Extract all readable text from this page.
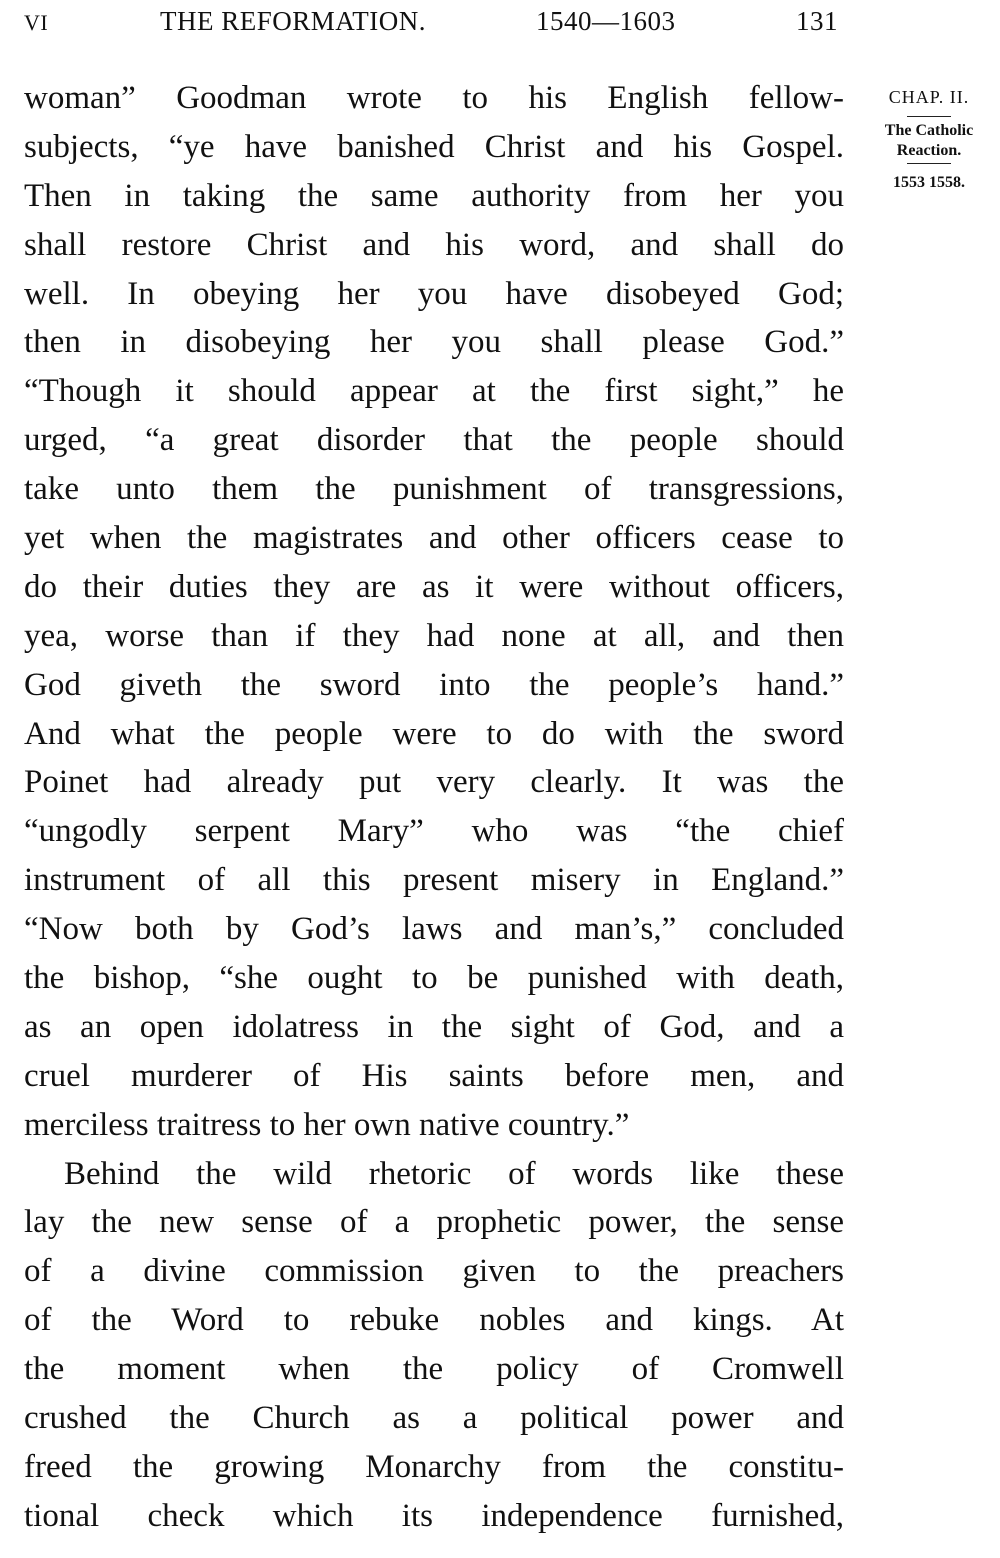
VI	THE REFORMATION.	1540—1603	131
woman” Goodman wrote to his English fellow-
subjects, “ye have banished Christ and his Gospel.
Then in taking the same authority from her you
shall restore Christ and his word, and shall do
well. In obeying her you have disobeyed God;
then in disobeying her you shall please God.”
“Though it should appear at the first sight,” he
urged, “a great disorder that the people should
take unto them the punishment of transgressions,
yet when the magistrates and other officers cease to
do their duties they are as it were without officers,
yea, worse than if they had none at all, and then
God giveth the sword into the people’s hand.”
And what the people were to do with the sword
Poinet had already put very clearly. It was the
“ungodly serpent Mary” who was “the chief
instrument of all this present misery in England.”
“Now both by God’s laws and man’s,” concluded
the bishop, “she ought to be punished with death,
as an open idolatress in the sight of God, and a
cruel murderer of His saints before men, and
merciless traitress to her own native country.”
Behind the wild rhetoric of words like these
lay the new sense of a prophetic power, the sense
of a divine commission given to the preachers
of the Word to rebuke nobles and kings. At
the moment when the policy of Cromwell
crushed the Church as a political power and
freed the growing Monarchy from the constitu-
tional check which its independence furnished,
CHAP. II.
The Catholic Reaction.
1553 1558.
